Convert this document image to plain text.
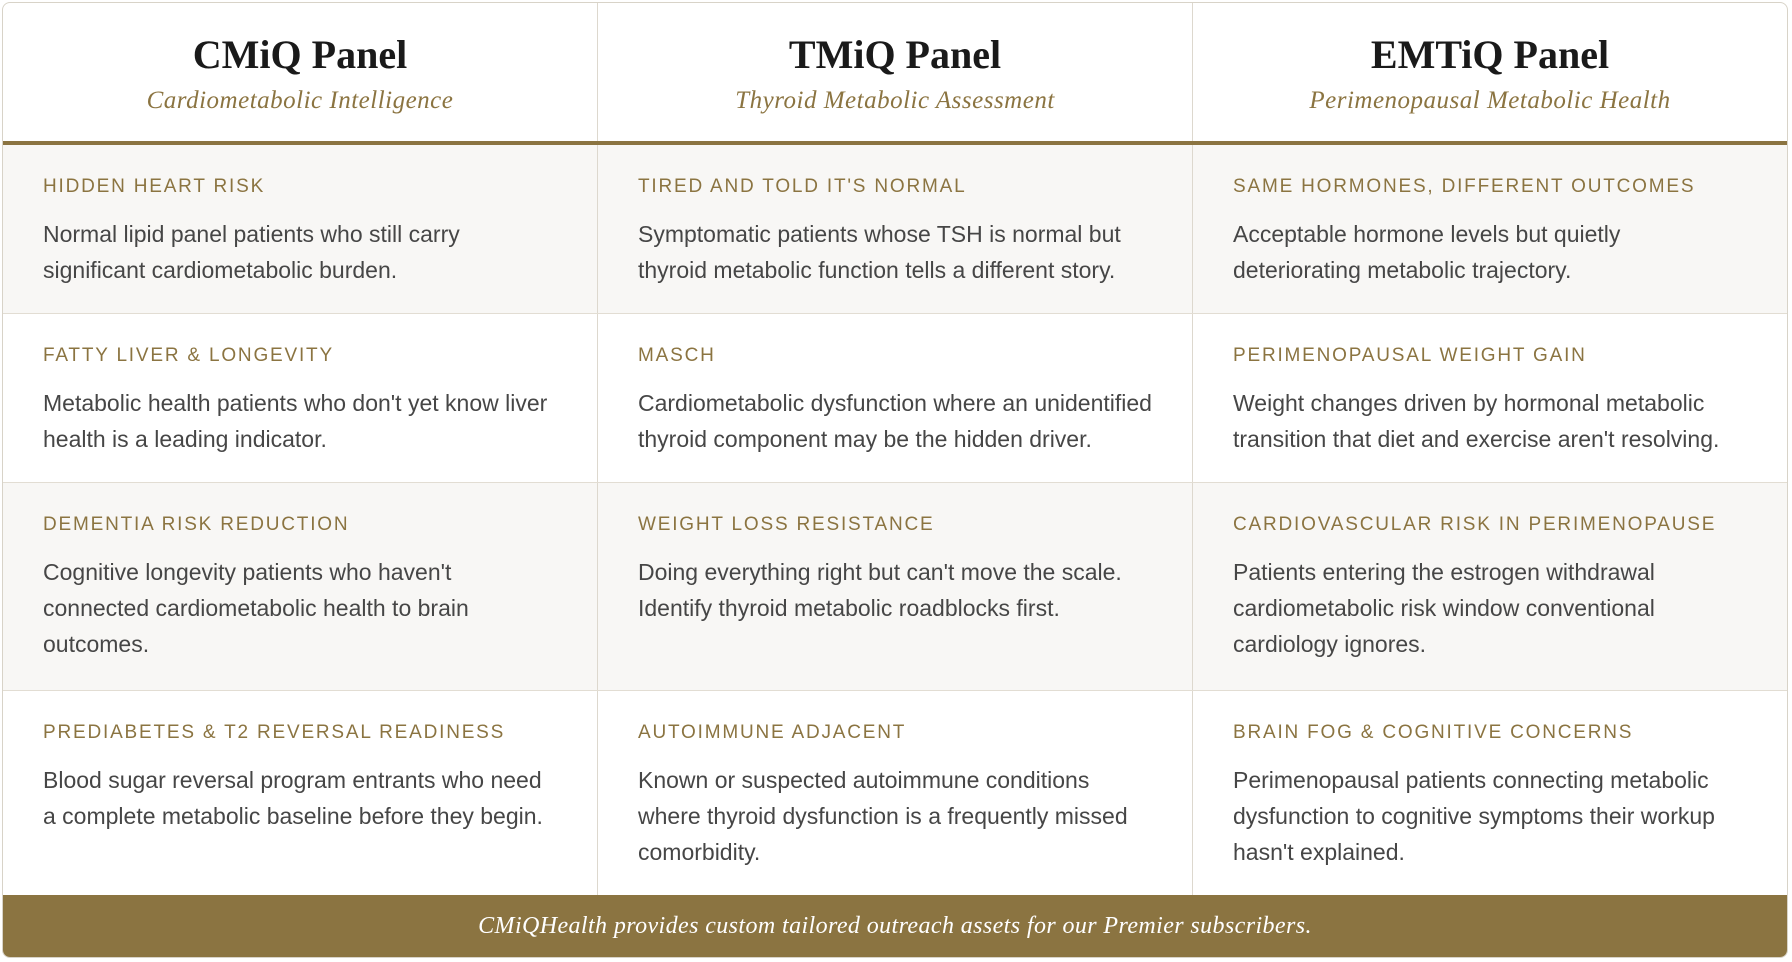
CMiQ Panel
Cardiometabolic Intelligence
TMiQ Panel
Thyroid Metabolic Assessment
EMTiQ Panel
Perimenopausal Metabolic Health
HIDDEN HEART RISK
Normal lipid panel patients who still carry significant cardiometabolic burden.
TIRED AND TOLD IT'S NORMAL
Symptomatic patients whose TSH is normal but thyroid metabolic function tells a different story.
SAME HORMONES, DIFFERENT OUTCOMES
Acceptable hormone levels but quietly deteriorating metabolic trajectory.
FATTY LIVER & LONGEVITY
Metabolic health patients who don't yet know liver health is a leading indicator.
MASCH
Cardiometabolic dysfunction where an unidentified thyroid component may be the hidden driver.
PERIMENOPAUSAL WEIGHT GAIN
Weight changes driven by hormonal metabolic transition that diet and exercise aren't resolving.
DEMENTIA RISK REDUCTION
Cognitive longevity patients who haven't connected cardiometabolic health to brain outcomes.
WEIGHT LOSS RESISTANCE
Doing everything right but can't move the scale. Identify thyroid metabolic roadblocks first.
CARDIOVASCULAR RISK IN PERIMENOPAUSE
Patients entering the estrogen withdrawal cardiometabolic risk window conventional cardiology ignores.
PREDIABETES & T2 REVERSAL READINESS
Blood sugar reversal program entrants who need a complete metabolic baseline before they begin.
AUTOIMMUNE ADJACENT
Known or suspected autoimmune conditions where thyroid dysfunction is a frequently missed comorbidity.
BRAIN FOG & COGNITIVE CONCERNS
Perimenopausal patients connecting metabolic dysfunction to cognitive symptoms their workup hasn't explained.
CMiQHealth provides custom tailored outreach assets for our Premier subscribers.
